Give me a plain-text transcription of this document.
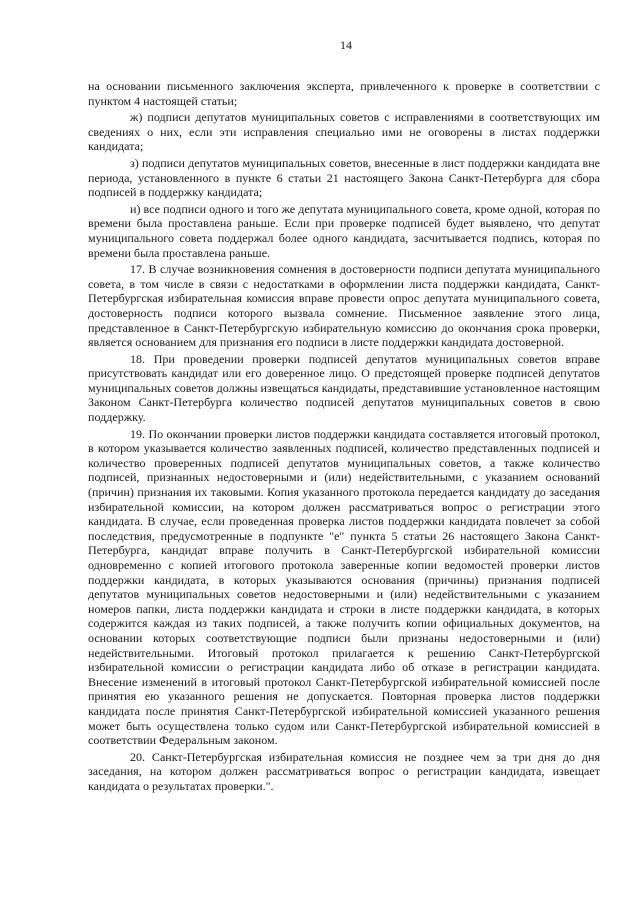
14

на основании письменного заключения эксперта, привлеченного к проверке в соответствии с пунктом 4 настоящей статьи;

ж) подписи депутатов муниципальных советов с исправлениями в соответствующих им сведениях о них, если эти исправления специально ими не оговорены в листах поддержки кандидата;

з) подписи депутатов муниципальных советов, внесенные в лист поддержки кандидата вне периода, установленного в пункте 6 статьи 21 настоящего Закона Санкт-Петербурга для сбора подписей в поддержку кандидата;

и) все подписи одного и того же депутата муниципального совета, кроме одной, которая по времени была проставлена раньше. Если при проверке подписей будет выявлено, что депутат муниципального совета поддержал более одного кандидата, засчитывается подпись, которая по времени была проставлена раньше.

17. В случае возникновения сомнения в достоверности подписи депутата муниципального совета, в том числе в связи с недостатками в оформлении листа поддержки кандидата, Санкт-Петербургская избирательная комиссия вправе провести опрос депутата муниципального совета, достоверность подписи которого вызвала сомнение. Письменное заявление этого лица, представленное в Санкт-Петербургскую избирательную комиссию до окончания срока проверки, является основанием для признания его подписи в листе поддержки кандидата достоверной.

18. При проведении проверки подписей депутатов муниципальных советов вправе присутствовать кандидат или его доверенное лицо. О предстоящей проверке подписей депутатов муниципальных советов должны извещаться кандидаты, представившие установленное настоящим Законом Санкт-Петербурга количество подписей депутатов муниципальных советов в свою поддержку.

19. По окончании проверки листов поддержки кандидата составляется итоговый протокол, в котором указывается количество заявленных подписей, количество представленных подписей и количество проверенных подписей депутатов муниципальных советов, а также количество подписей, признанных недостоверными и (или) недействительными, с указанием оснований (причин) признания их таковыми. Копия указанного протокола передается кандидату до заседания избирательной комиссии, на котором должен рассматриваться вопрос о регистрации этого кандидата. В случае, если проведенная проверка листов поддержки кандидата повлечет за собой последствия, предусмотренные в подпункте "е" пункта 5 статьи 26 настоящего Закона Санкт-Петербурга, кандидат вправе получить в Санкт-Петербургской избирательной комиссии одновременно с копией итогового протокола заверенные копии ведомостей проверки листов поддержки кандидата, в которых указываются основания (причины) признания подписей депутатов муниципальных советов недостоверными и (или) недействительными с указанием номеров папки, листа поддержки кандидата и строки в листе поддержки кандидата, в которых содержится каждая из таких подписей, а также получить копии официальных документов, на основании которых соответствующие подписи были признаны недостоверными и (или) недействительными. Итоговый протокол прилагается к решению Санкт-Петербургской избирательной комиссии о регистрации кандидата либо об отказе в регистрации кандидата. Внесение изменений в итоговый протокол Санкт-Петербургской избирательной комиссией после принятия ею указанного решения не допускается. Повторная проверка листов поддержки кандидата после принятия Санкт-Петербургской избирательной комиссией указанного решения может быть осуществлена только судом или Санкт-Петербургской избирательной комиссией в соответствии Федеральным законом.

20. Санкт-Петербургская избирательная комиссия не позднее чем за три дня до дня заседания, на котором должен рассматриваться вопрос о регистрации кандидата, извещает кандидата о результатах проверки.".
